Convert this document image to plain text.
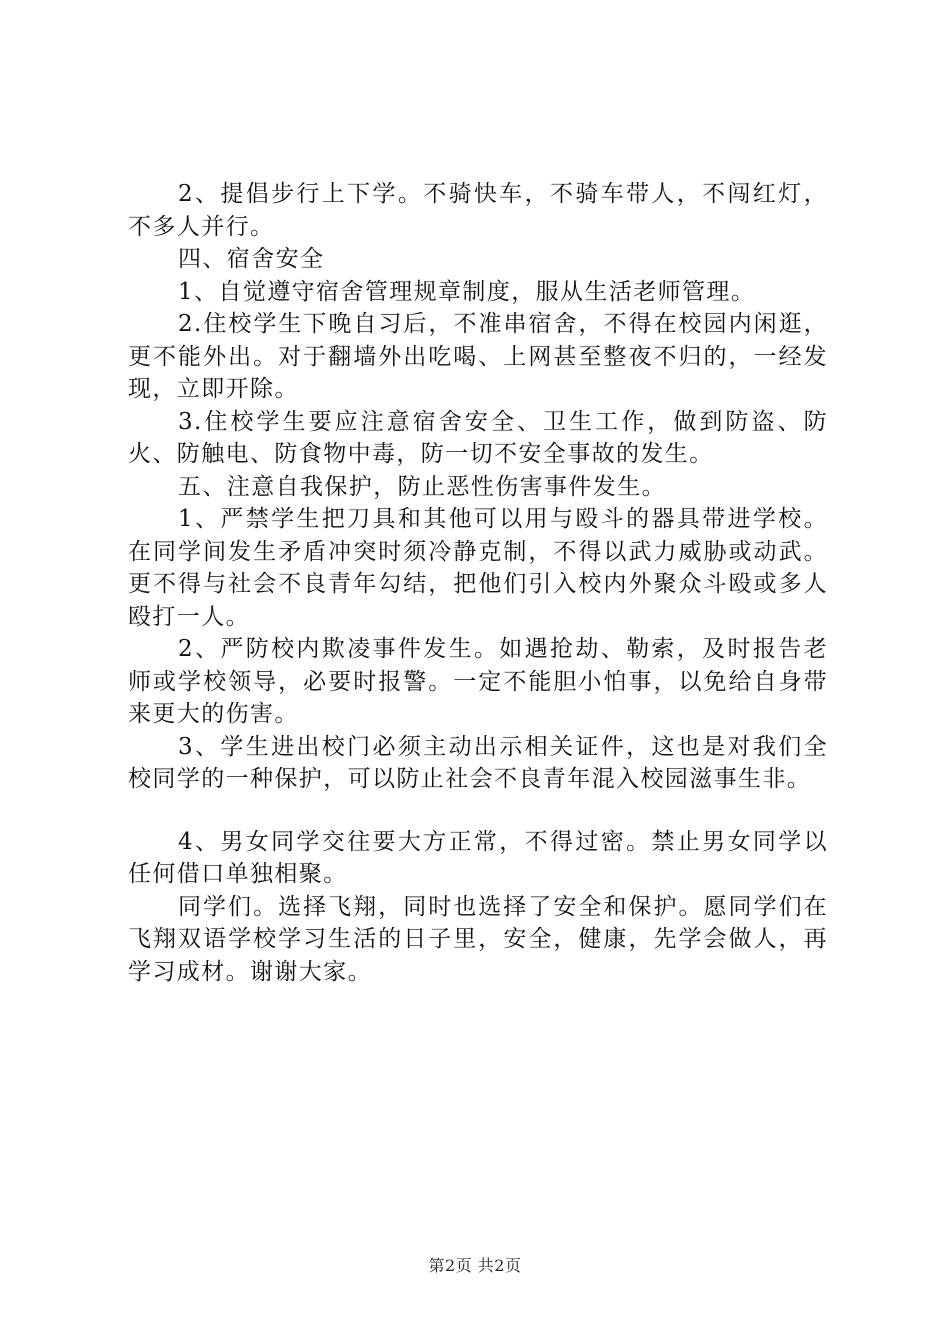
2、提倡步行上下学。不骑快车，不骑车带人，不闯红灯，不多人并行。

四、宿舍安全

1、自觉遵守宿舍管理规章制度，服从生活老师管理。

2.住校学生下晚自习后，不准串宿舍，不得在校园内闲逛，更不能外出。对于翻墙外出吃喝、上网甚至整夜不归的，一经发现，立即开除。

3.住校学生要应注意宿舍安全、卫生工作，做到防盗、防火、防触电、防食物中毒，防一切不安全事故的发生。

五、注意自我保护，防止恶性伤害事件发生。

1、严禁学生把刀具和其他可以用与殴斗的器具带进学校。在同学间发生矛盾冲突时须冷静克制，不得以武力威胁或动武。更不得与社会不良青年勾结，把他们引入校内外聚众斗殴或多人殴打一人。

2、严防校内欺凌事件发生。如遇抢劫、勒索，及时报告老师或学校领导，必要时报警。一定不能胆小怕事，以免给自身带来更大的伤害。

3、学生进出校门必须主动出示相关证件，这也是对我们全校同学的一种保护，可以防止社会不良青年混入校园滋事生非。

4、男女同学交往要大方正常，不得过密。禁止男女同学以任何借口单独相聚。

同学们。选择飞翔，同时也选择了安全和保护。愿同学们在飞翔双语学校学习生活的日子里，安全，健康，先学会做人，再学习成材。谢谢大家。

第2页 共2页
